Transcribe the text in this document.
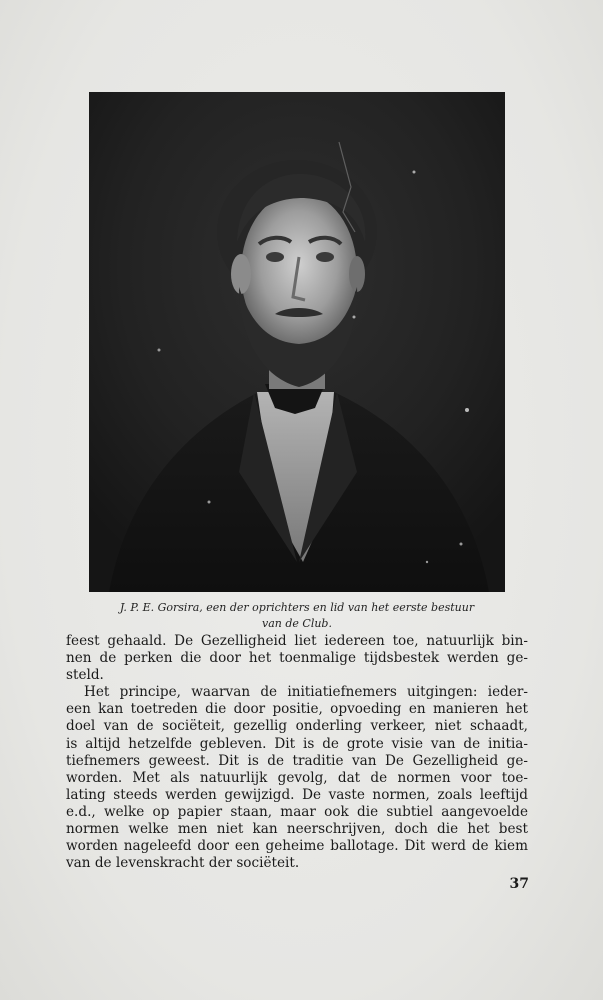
J. P. E. Gorsira, een der oprichters en lid van het eerste bestuur
van de Club.
feest gehaald. De Gezelligheid liet iedereen toe, natuurlijk bin-
nen de perken die door het toenmalige tijdsbestek werden ge-
steld.
Het principe, waarvan de initiatiefnemers uitgingen: ieder-
een kan toetreden die door positie, opvoeding en manieren het
doel van de sociëteit, gezellig onderling verkeer, niet schaadt,
is altijd hetzelfde gebleven. Dit is de grote visie van de initia-
tiefnemers geweest. Dit is de traditie van De Gezelligheid ge-
worden. Met als natuurlijk gevolg, dat de normen voor toe-
lating steeds werden gewijzigd. De vaste normen, zoals leeftijd
e.d., welke op papier staan, maar ook die subtiel aangevoelde
normen welke men niet kan neerschrijven, doch die het best
worden nageleefd door een geheime ballotage. Dit werd de kiem
van de levenskracht der sociëteit.
37
